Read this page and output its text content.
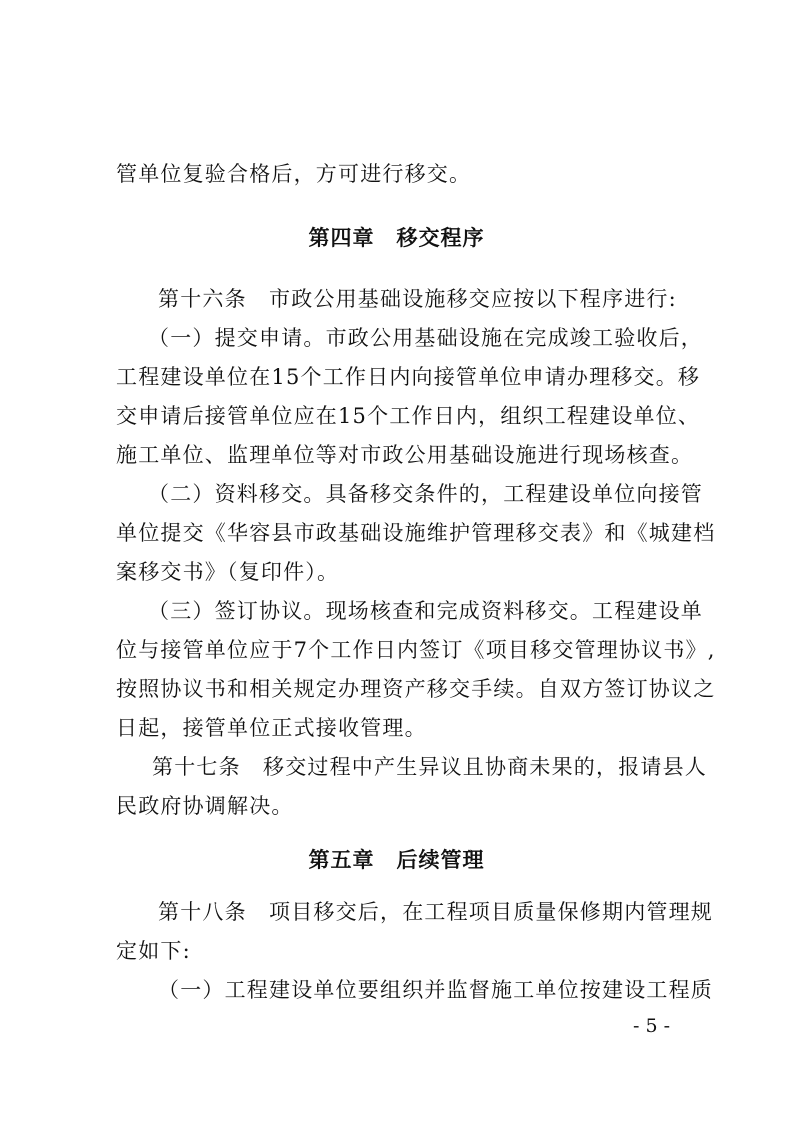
管单位复验合格后，方可进行移交。

第四章　移交程序

第十六条　市政公用基础设施移交应按以下程序进行:

（一）提交申请。市政公用基础设施在完成竣工验收后，

工程建设单位在15个工作日内向接管单位申请办理移交。移

交申请后接管单位应在15个工作日内，组织工程建设单位、

施工单位、监理单位等对市政公用基础设施进行现场核查。

（二）资料移交。具备移交条件的，工程建设单位向接管

单位提交《华容县市政基础设施维护管理移交表》和《城建档

案移交书》（复印件）。

（三）签订协议。现场核查和完成资料移交。工程建设单

位与接管单位应于7个工作日内签订《项目移交管理协议书》,

按照协议书和相关规定办理资产移交手续。自双方签订协议之

日起，接管单位正式接收管理。

第十七条　移交过程中产生异议且协商未果的，报请县人

民政府协调解决。

第五章　后续管理

第十八条　项目移交后，在工程项目质量保修期内管理规

定如下:

（一）工程建设单位要组织并监督施工单位按建设工程质

- 5 -
